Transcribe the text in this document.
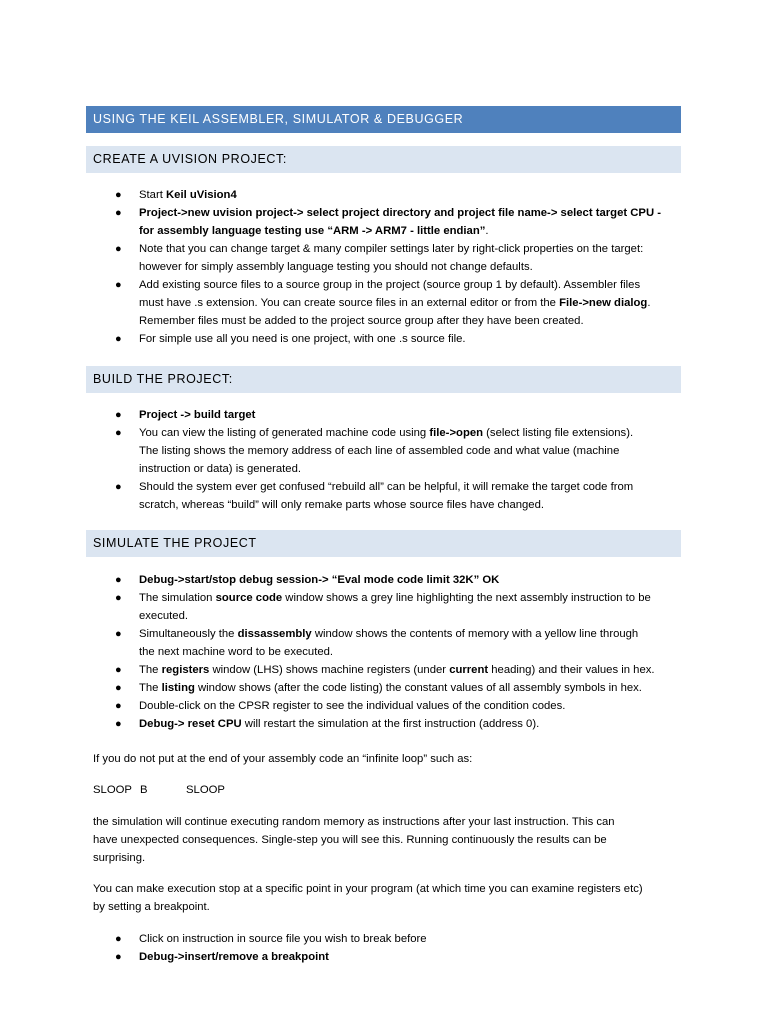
USING THE KEIL ASSEMBLER, SIMULATOR & DEBUGGER
CREATE A UVISION PROJECT:
● Start Keil uVision4
● Project->new uvision project-> select project directory and project file name-> select target CPU -
for assembly language testing use “ARM -> ARM7 - little endian”.
● Note that you can change target & many compiler settings later by right-click properties on the target:
however for simply assembly language testing you should not change defaults.
● Add existing source files to a source group in the project (source group 1 by default). Assembler files
must have .s extension. You can create source files in an external editor or from the File->new dialog.
Remember files must be added to the project source group after they have been created.
● For simple use all you need is one project, with one .s source file.
BUILD THE PROJECT:
● Project -> build target
● You can view the listing of generated machine code using file->open (select listing file extensions).
The listing shows the memory address of each line of assembled code and what value (machine
instruction or data) is generated.
● Should the system ever get confused “rebuild all” can be helpful, it will remake the target code from
scratch, whereas “build” will only remake parts whose source files have changed.
SIMULATE THE PROJECT
● Debug->start/stop debug session-> “Eval mode code limit 32K” OK
● The simulation source code window shows a grey line highlighting the next assembly instruction to be
executed.
● Simultaneously the dissassembly window shows the contents of memory with a yellow line through
the next machine word to be executed.
● The registers window (LHS) shows machine registers (under current heading) and their values in hex.
● The listing window shows (after the code listing) the constant values of all assembly symbols in hex.
● Double-click on the CPSR register to see the individual values of the condition codes.
● Debug-> reset CPU will restart the simulation at the first instruction (address 0).
If you do not put at the end of your assembly code an “infinite loop” such as:
SLOOP B	SLOOP
the simulation will continue executing random memory as instructions after your last instruction. This can
have unexpected consequences. Single-step you will see this. Running continuously the results can be
surprising.
You can make execution stop at a specific point in your program (at which time you can examine registers etc)
by setting a breakpoint.
● Click on instruction in source file you wish to break before
● Debug->insert/remove a breakpoint
